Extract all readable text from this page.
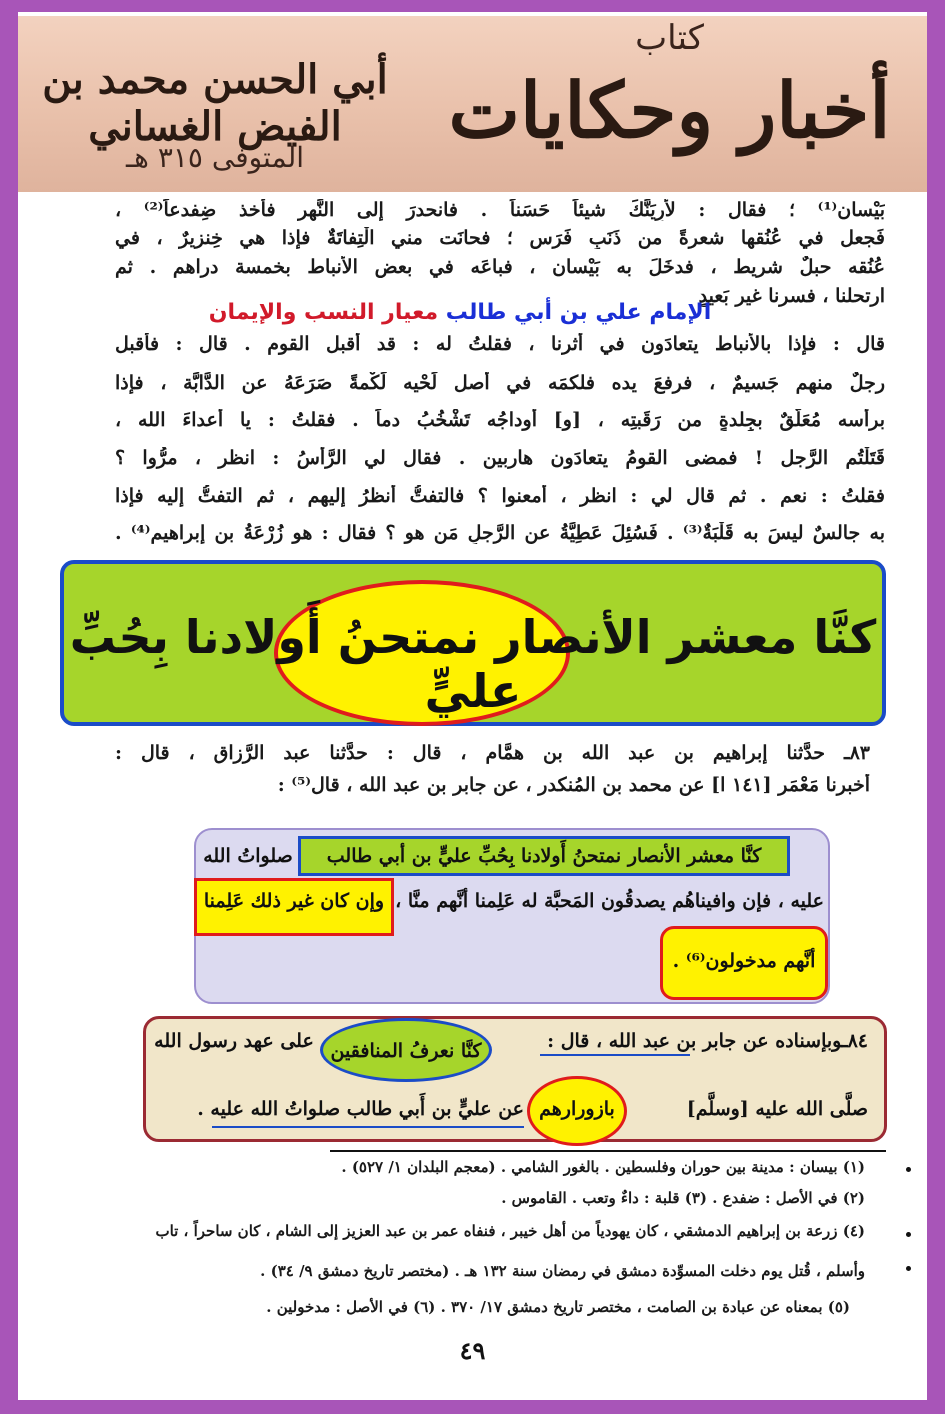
أبي الحسن محمد بن الفيض الغساني
المتوفى ٣١٥ هـ
كتاب
أخبار وحكايات
بَيْسان⁽¹⁾ ؛ فقال : لأُرِيَنَّكَ شيئاً حَسَناً . فانحدرَ إلى النَّهر فأخذ ضِفدعاً⁽²⁾ ،
فَجعل في عُنُقها شعرةً من ذَنَبِ فَرَس ؛ فحانَت مني الْتِفاتَةٌ فإذا هي خِنزيرٌ ، في
عُنُقه حبلٌ شريط ، فدخَلَ به بَيْسان ، فباعَه في بعض الأنباط بخمسة دراهم . ثم
ارتحلنا ، فسرنا غير بَعيدٍ
الإمام علي بن أبي طالب معيار النسب والإيمان
قال : فإذا بالأنباط يتعادَون في أثرنا ، فقلتُ له : قد أقبل القوم . قال : فأقبل
رجلٌ منهم جَسيمٌ ، فرفعَ يده فلكمَه في أصل لَحْيه لَكْمةً صَرَعَهُ عن الدَّابَّة ، فإذا
برأسه مُعَلَّقٌ بجِلدةٍ من رَقَبتِه ، [و] أوداجُه تَشْخُبُ دماً . فقلتُ : يا أعداءَ الله ،
قَتَلْتُم الرَّجل ! فمضى القومُ يتعادَون هاربين . فقال لي الرَّأسُ : انظر ، مرُّوا ؟
فقلتُ : نعم . ثم قال لي : انظر ، أمعنوا ؟ فالتفتُّ أنظرُ إليهم ، ثم التفتُّ إليه فإذا
به جالسٌ ليسَ به قَلْبَةٌ⁽³⁾ . فَسُئِلَ عَطِيَّةُ عن الرَّجلِ مَن هو ؟ فقال : هو زُرْعَةُ بن إبراهيم⁽⁴⁾ .
كنَّا معشر الأنصار نمتحنُ أَولادنا بِحُبِّ عليٍّ
٨٣ـ حدَّثنا إبراهيم بن عبد الله بن همَّام ، قال : حدَّثنا عبد الرَّزاق ، قال :
أَخبرنا مَعْمَر [١٤١ ا] عن محمد بن المُنكدر ، عن جابر بن عبد الله ، قال⁽⁵⁾ :
كنَّا معشر الأنصار نمتحنُ أَولادنا بِحُبِّ عليٍّ بن أبي طالب
صلواتُ الله
عليه ، فإن وافيناهُم يصدقُون المَحبَّة له عَلِمنا أنَّهم منَّا ،
وإن كان غير ذلك عَلِمنا
أنَّهم مدخولون⁽⁶⁾ .
٨٤ـوبإسناده عن جابر بن عبد الله ، قال :
كنَّا نعرفُ المنافقين
على عهد رسول الله
صلَّى الله عليه [وسلَّم]
بازورارهم
عن عليٍّ بن أَبي طالب صلواتُ الله عليه .
(١) بيسان : مدينة بين حوران وفلسطين . بالغور الشامي . (معجم البلدان ١/ ٥٢٧) .
(٢) في الأصل : ضفدع . (٣) قلبة : داءٌ وتعب . القاموس .
(٤) زرعة بن إبراهيم الدمشقي ، كان يهودياً من أهل خيبر ، فنفاه عمر بن عبد العزيز إلى الشام ، كان ساحراً ، تاب
وأسلم ، قُتل يوم دخلت المسوِّدة دمشق في رمضان سنة ١٣٢ هـ . (مختصر تاريخ دمشق ٩/ ٣٤) .
(٥) بمعناه عن عبادة بن الصامت ، مختصر تاريخ دمشق ١٧/ ٣٧٠ . (٦) في الأصل : مدخولين .
٤٩
